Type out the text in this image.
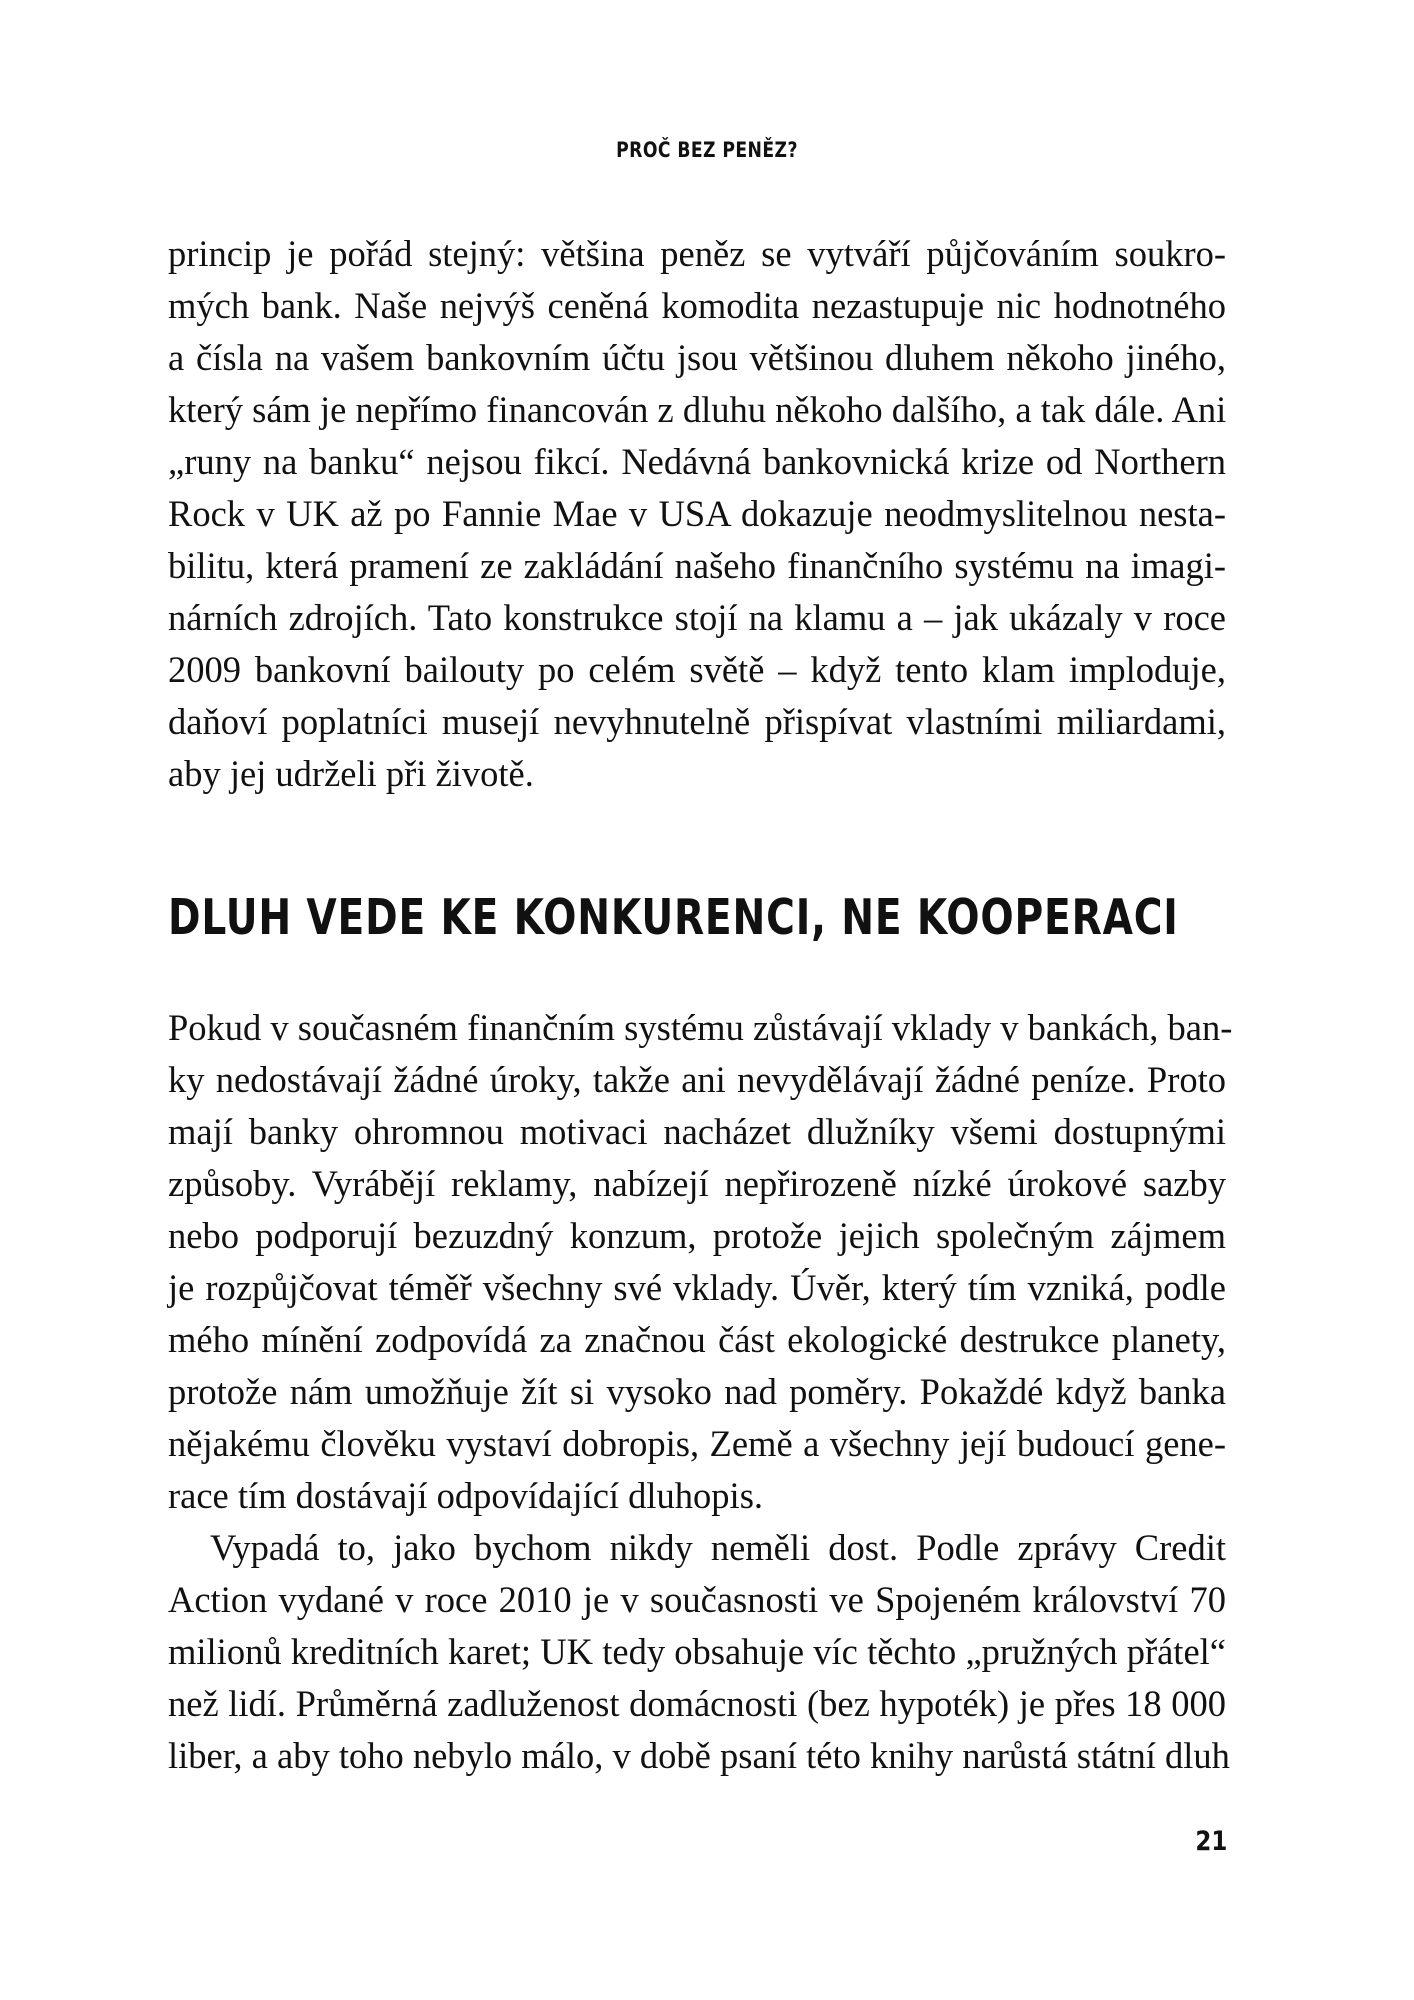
PROČ BEZ PENĚZ?
princip je pořád stejný: většina peněz se vytváří půjčováním soukro-
mých bank. Naše nejvýš ceněná komodita nezastupuje nic hodnotného
a čísla na vašem bankovním účtu jsou většinou dluhem někoho jiného,
který sám je nepřímo financován z dluhu někoho dalšího, a tak dále. Ani
„runy na banku“ nejsou fikcí. Nedávná bankovnická krize od Northern
Rock v UK až po Fannie Mae v USA dokazuje neodmyslitelnou nesta-
bilitu, která pramení ze zakládání našeho finančního systému na imagi-
nárních zdrojích. Tato konstrukce stojí na klamu a – jak ukázaly v roce
2009 bankovní bailouty po celém světě – když tento klam imploduje,
daňoví poplatníci musejí nevyhnutelně přispívat vlastními miliardami,
aby jej udrželi při životě.
DLUH VEDE KE KONKURENCI, NE KOOPERACI
Pokud v současném finančním systému zůstávají vklady v bankách, ban-
ky nedostávají žádné úroky, takže ani nevydělávají žádné peníze. Proto
mají banky ohromnou motivaci nacházet dlužníky všemi dostupnými
způsoby. Vyrábějí reklamy, nabízejí nepřirozeně nízké úrokové sazby
nebo podporují bezuzdný konzum, protože jejich společným zájmem
je rozpůjčovat téměř všechny své vklady. Úvěr, který tím vzniká, podle
mého mínění zodpovídá za značnou část ekologické destrukce planety,
protože nám umožňuje žít si vysoko nad poměry. Pokaždé když banka
nějakému člověku vystaví dobropis, Země a všechny její budoucí gene-
race tím dostávají odpovídající dluhopis.
Vypadá to, jako bychom nikdy neměli dost. Podle zprávy Credit
Action vydané v roce 2010 je v současnosti ve Spojeném království 70
milionů kreditních karet; UK tedy obsahuje víc těchto „pružných přátel“
než lidí. Průměrná zadluženost domácnosti (bez hypoték) je přes 18 000
liber, a aby toho nebylo málo, v době psaní této knihy narůstá státní dluh
21
